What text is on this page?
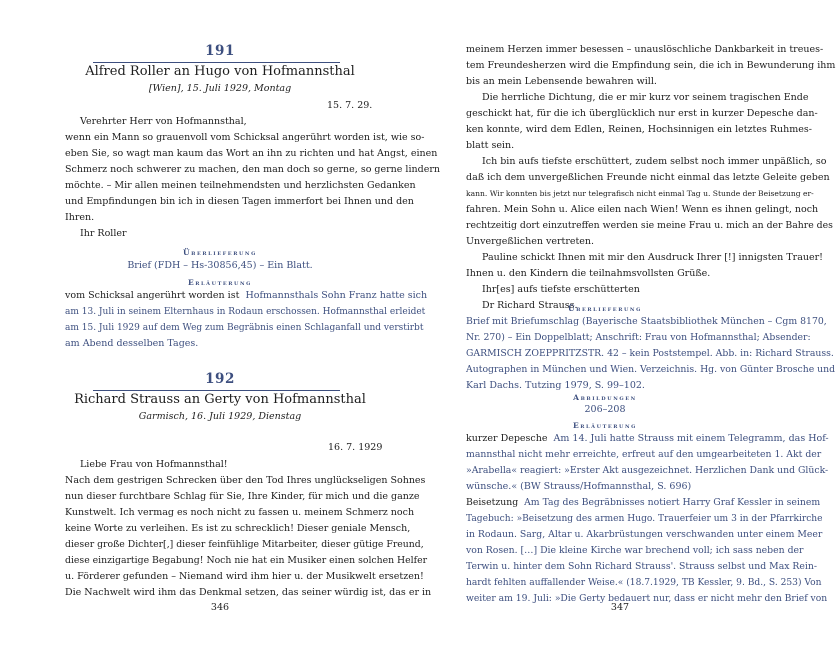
191
Alfred Roller an Hugo von Hofmannsthal
[Wien], 15. Juli 1929, Montag
15. 7. 29.
Verehrter Herr von Hofmannsthal,
wenn ein Mann so grauenvoll vom Schicksal angerührt worden ist, wie so-
eben Sie, so wagt man kaum das Wort an ihn zu richten und hat Angst, einen
Schmerz noch schwerer zu machen, den man doch so gerne, so gerne lindern
möchte. – Mir allen meinen teilnehmendsten und herzlichsten Gedanken
und Empfindungen bin ich in diesen Tagen immerfort bei Ihnen und den
Ihren.
Ihr Roller
Überlieferung
Brief (FDH – Hs-30856,45) – Ein Blatt.
Erläuterung
vom Schicksal angerührt worden ist Hofmannsthals Sohn Franz hatte sich
am 13. Juli in seinem Elternhaus in Rodaun erschossen. Hofmannsthal erleidet
am 15. Juli 1929 auf dem Weg zum Begräbnis einen Schlaganfall und verstirbt
am Abend desselben Tages.
192
Richard Strauss an Gerty von Hofmannsthal
Garmisch, 16. Juli 1929, Dienstag
16. 7. 1929
Liebe Frau von Hofmannsthal!
Nach dem gestrigen Schrecken über den Tod Ihres unglückseligen Sohnes
nun dieser furchtbare Schlag für Sie, Ihre Kinder, für mich und die ganze
Kunstwelt. Ich vermag es noch nicht zu fassen u. meinem Schmerz noch
keine Worte zu verleihen. Es ist zu schrecklich! Dieser geniale Mensch,
dieser große Dichter[,] dieser feinfühlige Mitarbeiter, dieser gütige Freund,
diese einzigartige Begabung! Noch nie hat ein Musiker einen solchen Helfer
u. Förderer gefunden – Niemand wird ihm hier u. der Musikwelt ersetzen!
Die Nachwelt wird ihm das Denkmal setzen, das seiner würdig ist, das er in
346
meinem Herzen immer besessen – unauslöschliche Dankbarkeit in treues-
tem Freundesherzen wird die Empfindung sein, die ich in Bewunderung ihm
bis an mein Lebensende bewahren will.
Die herrliche Dichtung, die er mir kurz vor seinem tragischen Ende
geschickt hat, für die ich überglücklich nur erst in kurzer Depesche dan-
ken konnte, wird dem Edlen, Reinen, Hochsinnigen ein letztes Ruhmes-
blatt sein.
Ich bin aufs tiefste erschüttert, zudem selbst noch immer unpäßlich, so
daß ich dem unvergeßlichen Freunde nicht einmal das letzte Geleite geben
kann. Wir konnten bis jetzt nur telegrafisch nicht einmal Tag u. Stunde der Beisetzung er-
fahren. Mein Sohn u. Alice eilen nach Wien! Wenn es ihnen gelingt, noch
rechtzeitig dort einzutreffen werden sie meine Frau u. mich an der Bahre des
Unvergeßlichen vertreten.
Pauline schickt Ihnen mit mir den Ausdruck Ihrer [!] innigsten Trauer!
Ihnen u. den Kindern die teilnahmsvollsten Grüße.
Ihr[es] aufs tiefste erschütterten
Dr Richard Strauss.
Überlieferung
Brief mit Briefumschlag (Bayerische Staatsbibliothek München – Cgm 8170,
Nr. 270) – Ein Doppelblatt; Anschrift: Frau von Hofmannsthal; Absender:
GARMISCH ZOEPPRITZSTR. 42 – kein Poststempel. Abb. in: Richard Strauss.
Autographen in München und Wien. Verzeichnis. Hg. von Günter Brosche und
Karl Dachs. Tutzing 1979, S. 99–102.
Abbildungen
206–208
Erläuterung
kurzer Depesche Am 14. Juli hatte Strauss mit einem Telegramm, das Hof-
mannsthal nicht mehr erreichte, erfreut auf den umgearbeiteten 1. Akt der
»Arabella« reagiert: »Erster Akt ausgezeichnet. Herzlichen Dank und Glück-
wünsche.« (BW Strauss/Hofmannsthal, S. 696)
Beisetzung Am Tag des Begräbnisses notiert Harry Graf Kessler in seinem
Tagebuch: »Beisetzung des armen Hugo. Trauerfeier um 3 in der Pfarrkirche
in Rodaun. Sarg, Altar u. Akarbrüstungen verschwanden unter einem Meer
von Rosen. […] Die kleine Kirche war brechend voll; ich sass neben der
Terwin u. hinter dem Sohn Richard Strauss'. Strauss selbst und Max Rein-
hardt fehlten auffallender Weise.« (18.7.1929, TB Kessler, 9. Bd., S. 253) Von
weiter am 19. Juli: »Die Gerty bedauert nur, dass er nicht mehr den Brief von
347
